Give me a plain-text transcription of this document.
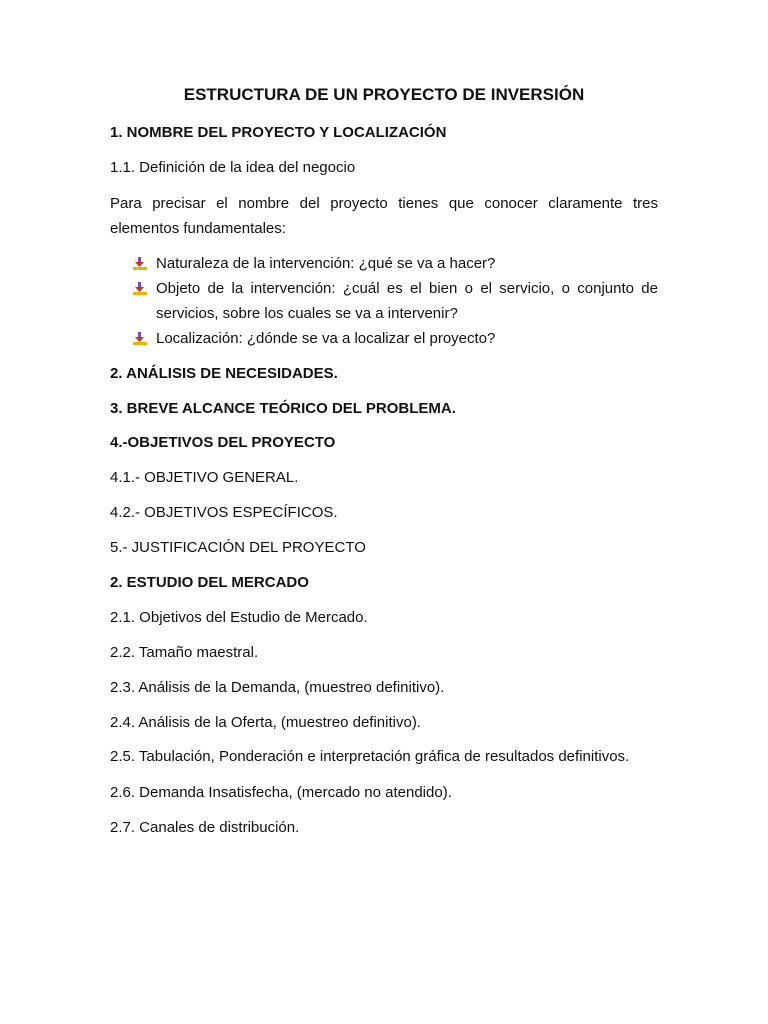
ESTRUCTURA DE UN PROYECTO DE INVERSIÓN
1. NOMBRE DEL PROYECTO Y LOCALIZACIÓN
1.1. Definición de la idea del negocio
Para precisar el nombre del proyecto tienes que conocer claramente tres
elementos fundamentales:
Naturaleza de la intervención: ¿qué se va a hacer?
Objeto de la intervención: ¿cuál es el bien o el servicio, o conjunto de
servicios, sobre los cuales se va a intervenir?
Localización: ¿dónde se va a localizar el proyecto?
2. ANÁLISIS DE NECESIDADES.
3. BREVE ALCANCE TEÓRICO DEL PROBLEMA.
4.-OBJETIVOS DEL PROYECTO
4.1.- OBJETIVO GENERAL.
4.2.- OBJETIVOS ESPECÍFICOS.
5.- JUSTIFICACIÓN DEL PROYECTO
2. ESTUDIO DEL MERCADO
2.1. Objetivos del Estudio de Mercado.
2.2. Tamaño maestral.
2.3. Análisis de la Demanda, (muestreo definitivo).
2.4. Análisis de la Oferta, (muestreo definitivo).
2.5. Tabulación, Ponderación e interpretación gráfica de resultados definitivos.
2.6. Demanda Insatisfecha, (mercado no atendido).
2.7. Canales de distribución.
